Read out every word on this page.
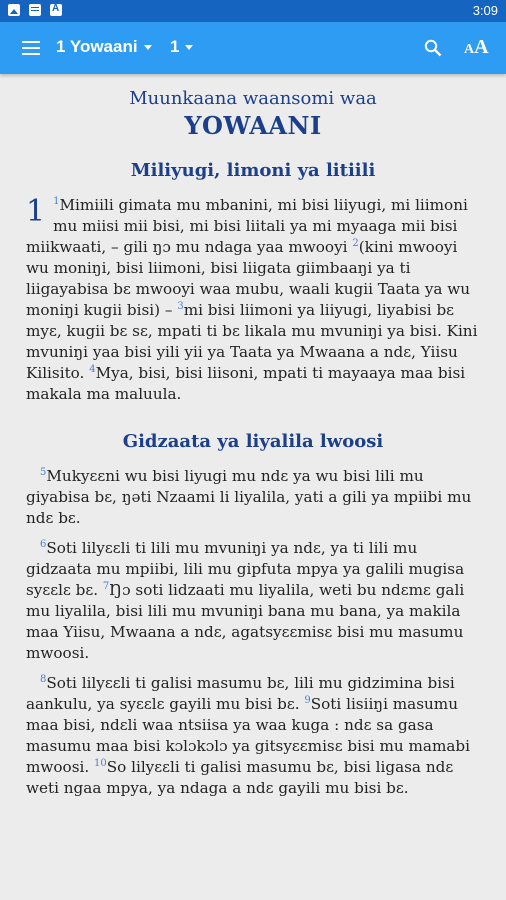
A
3:09
1 Yowaani 1	AA
Muunkaana waansomi waa
YOWAANI
Miliyugi, limoni ya litiili
1 $^1$Mimiili gimata mu mbanini, mi bisi liiyugi, mi liimoni mu miisi mii bisi, mi bisi liitali ya mi myaaga mii bisi miikwaati, – gili ŋɔ mu ndaga yaa mwooyi $^2$(kini mwooyi wu moniŋi, bisi liimoni, bisi liigata giimbaaŋi ya ti liigayabisa bɛ mwooyi waa mubu, waali kugii Taata ya wu moniŋi kugii bisi) – $^3$mi bisi liimoni ya liiyugi, liyabisi bɛ myɛ, kugii bɛ sɛ, mpati ti bɛ likala mu mvuniŋi ya bisi. Kini mvuniŋi yaa bisi yili yii ya Taata ya Mwaana a ndɛ, Yiisu Kilisito. $^4$Mya, bisi, bisi liisoni, mpati ti mayaaya maa bisi makala ma maluula.
Gidzaata ya liyalila lwoosi
$^5$Mukyɛɛni wu bisi liyugi mu ndɛ ya wu bisi lili mu giyabisa bɛ, ŋəti Nzaami li liyalila, yati a gili ya mpiibi mu ndɛ bɛ.
$^6$Soti lilyɛɛli ti lili mu mvuniŋi ya ndɛ, ya ti lili mu gidzaata mu mpiibi, lili mu gipfuta mpya ya galili mugisa syɛɛlɛ bɛ. $^7$Ŋɔ soti lidzaati mu liyalila, weti bu ndɛmɛ gali mu liyalila, bisi lili mu mvuniŋi bana mu bana, ya makila maa Yiisu, Mwaana a ndɛ, agatsyɛɛmisɛ bisi mu masumu mwoosi.
$^8$Soti lilyɛɛli ti galisi masumu bɛ, lili mu gidzimina bisi aankulu, ya syɛɛlɛ gayili mu bisi bɛ. $^9$Soti lisiiŋi masumu maa bisi, ndɛli waa ntsiisa ya waa kuga : ndɛ sa gasa masumu maa bisi kɔlɔkɔlɔ ya gitsyɛɛmisɛ bisi mu mamabi mwoosi. $^{10}$So lilyɛɛli ti galisi masumu bɛ, bisi ligasa ndɛ weti ngaa mpya, ya ndaga a ndɛ gayili mu bisi bɛ.
